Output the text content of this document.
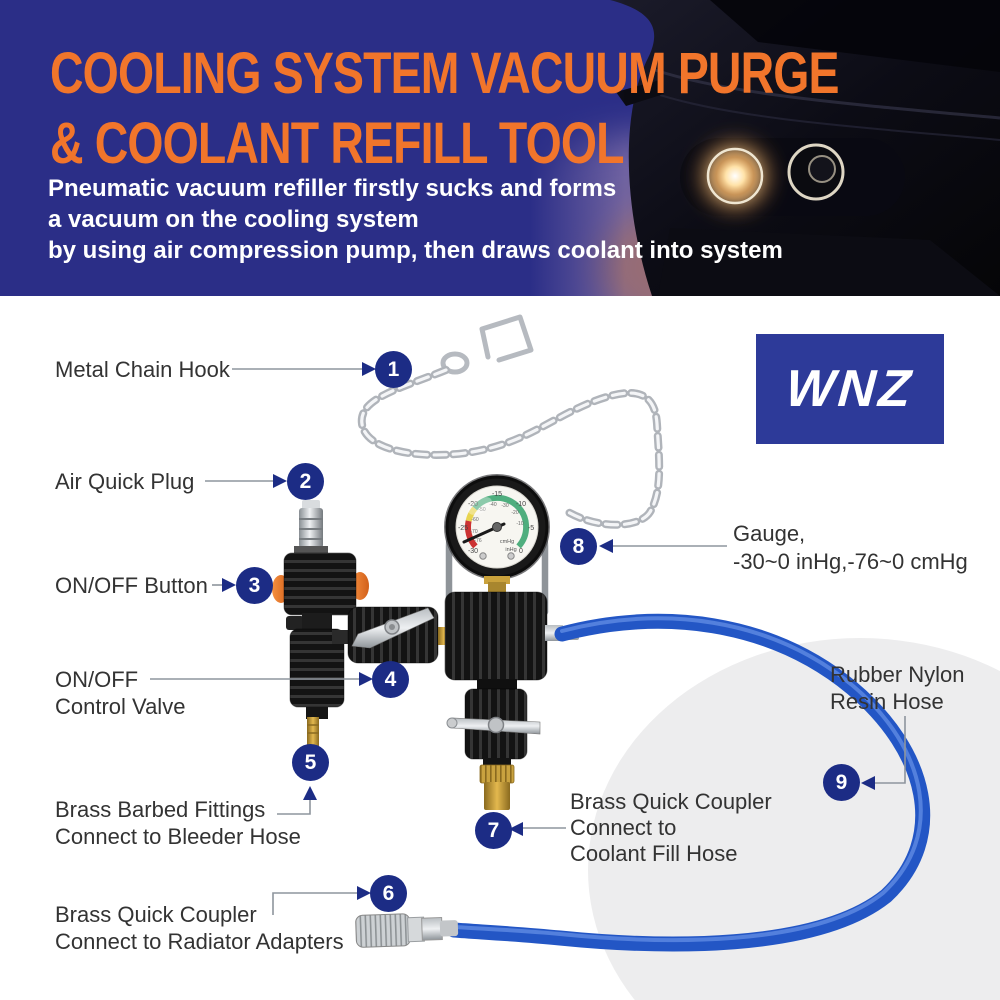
COOLING SYSTEM VACUUM PURGE
& COOLANT REFILL TOOL
Pneumatic vacuum refiller firstly sucks and forms
a vacuum on the cooling system
by using air compression pump, then draws coolant into system
-30
-25
-20
-15
-10
-5
0
-76
-70
-60
-50
-40 -30
-20
-10
cmHg
inHg
Metal Chain Hook
Air Quick Plug
ON/OFF Button
ON/OFF
Control Valve
Brass Barbed Fittings
Connect to Bleeder Hose
Brass Quick Coupler
Connect to Radiator Adapters
Brass Quick Coupler
Connect to
Coolant Fill Hose
Gauge,
-30~0 inHg,-76~0 cmHg
Rubber Nylon
Resin Hose
1
2
3
4
5
6
7
8
9
WNZ
